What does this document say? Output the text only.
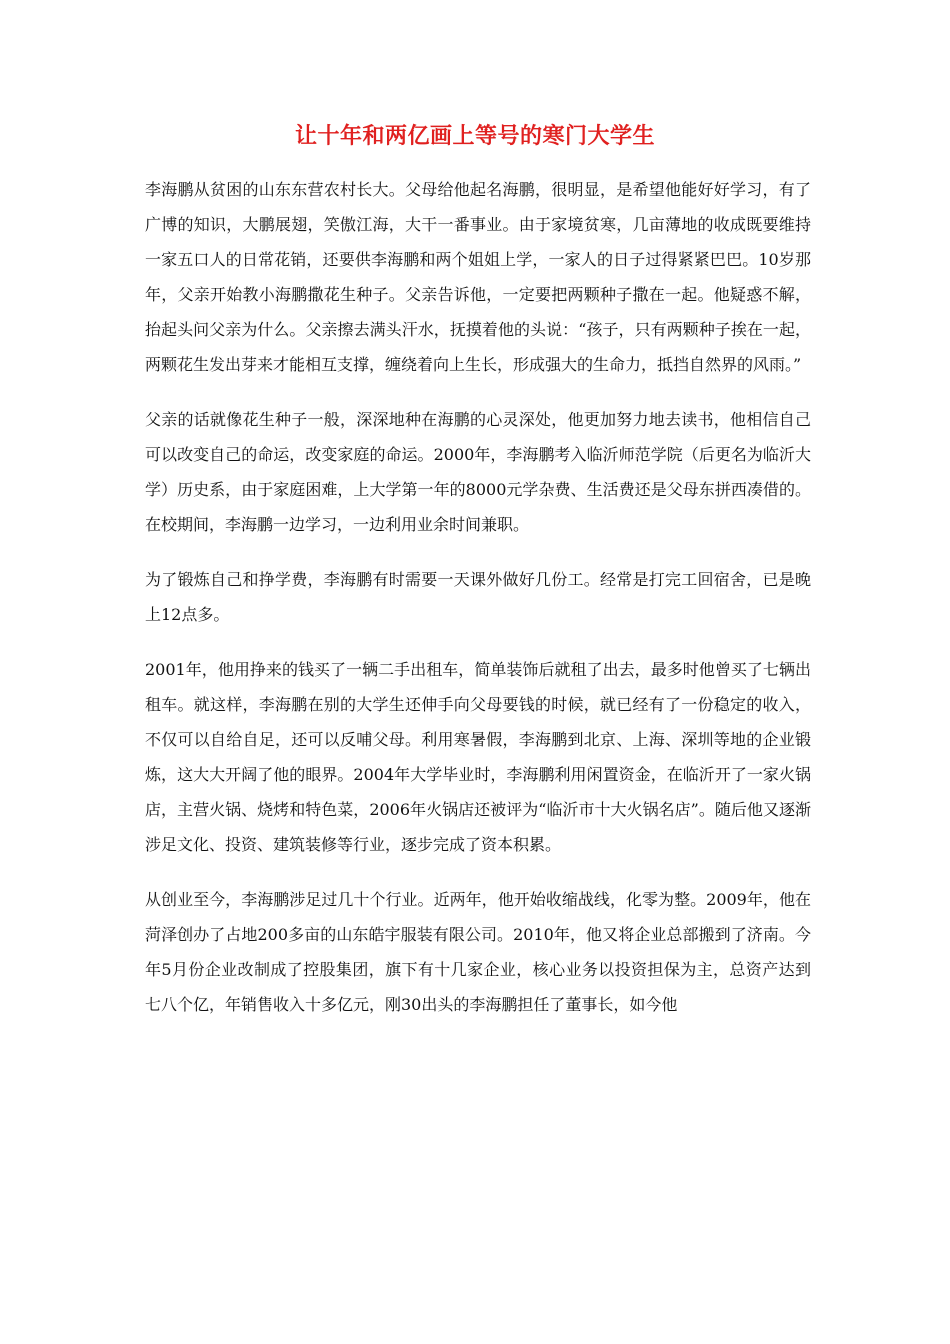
让十年和两亿画上等号的寒门大学生

李海鹏从贫困的山东东营农村长大。父母给他起名海鹏，很明显，是希望他能好好学习，有了广博的知识，大鹏展翅，笑傲江海，大干一番事业。由于家境贫寒，几亩薄地的收成既要维持一家五口人的日常花销，还要供李海鹏和两个姐姐上学，一家人的日子过得紧紧巴巴。10岁那年，父亲开始教小海鹏撒花生种子。父亲告诉他，一定要把两颗种子撒在一起。他疑惑不解，抬起头问父亲为什么。父亲擦去满头汗水，抚摸着他的头说：“孩子，只有两颗种子挨在一起，两颗花生发出芽来才能相互支撑，缠绕着向上生长，形成强大的生命力，抵挡自然界的风雨。”

父亲的话就像花生种子一般，深深地种在海鹏的心灵深处，他更加努力地去读书，他相信自己可以改变自己的命运，改变家庭的命运。2000年，李海鹏考入临沂师范学院（后更名为临沂大学）历史系，由于家庭困难，上大学第一年的8000元学杂费、生活费还是父母东拼西凑借的。在校期间，李海鹏一边学习，一边利用业余时间兼职。

为了锻炼自己和挣学费，李海鹏有时需要一天课外做好几份工。经常是打完工回宿舍，已是晚上12点多。

2001年，他用挣来的钱买了一辆二手出租车，简单装饰后就租了出去，最多时他曾买了七辆出租车。就这样，李海鹏在别的大学生还伸手向父母要钱的时候，就已经有了一份稳定的收入，不仅可以自给自足，还可以反哺父母。利用寒暑假，李海鹏到北京、上海、深圳等地的企业锻炼，这大大开阔了他的眼界。2004年大学毕业时，李海鹏利用闲置资金，在临沂开了一家火锅店，主营火锅、烧烤和特色菜，2006年火锅店还被评为“临沂市十大火锅名店”。随后他又逐渐涉足文化、投资、建筑装修等行业，逐步完成了资本积累。

从创业至今，李海鹏涉足过几十个行业。近两年，他开始收缩战线，化零为整。2009年，他在菏泽创办了占地200多亩的山东皓宇服装有限公司。2010年，他又将企业总部搬到了济南。今年5月份企业改制成了控股集团，旗下有十几家企业，核心业务以投资担保为主，总资产达到七八个亿，年销售收入十多亿元，刚30出头的李海鹏担任了董事长，如今他
